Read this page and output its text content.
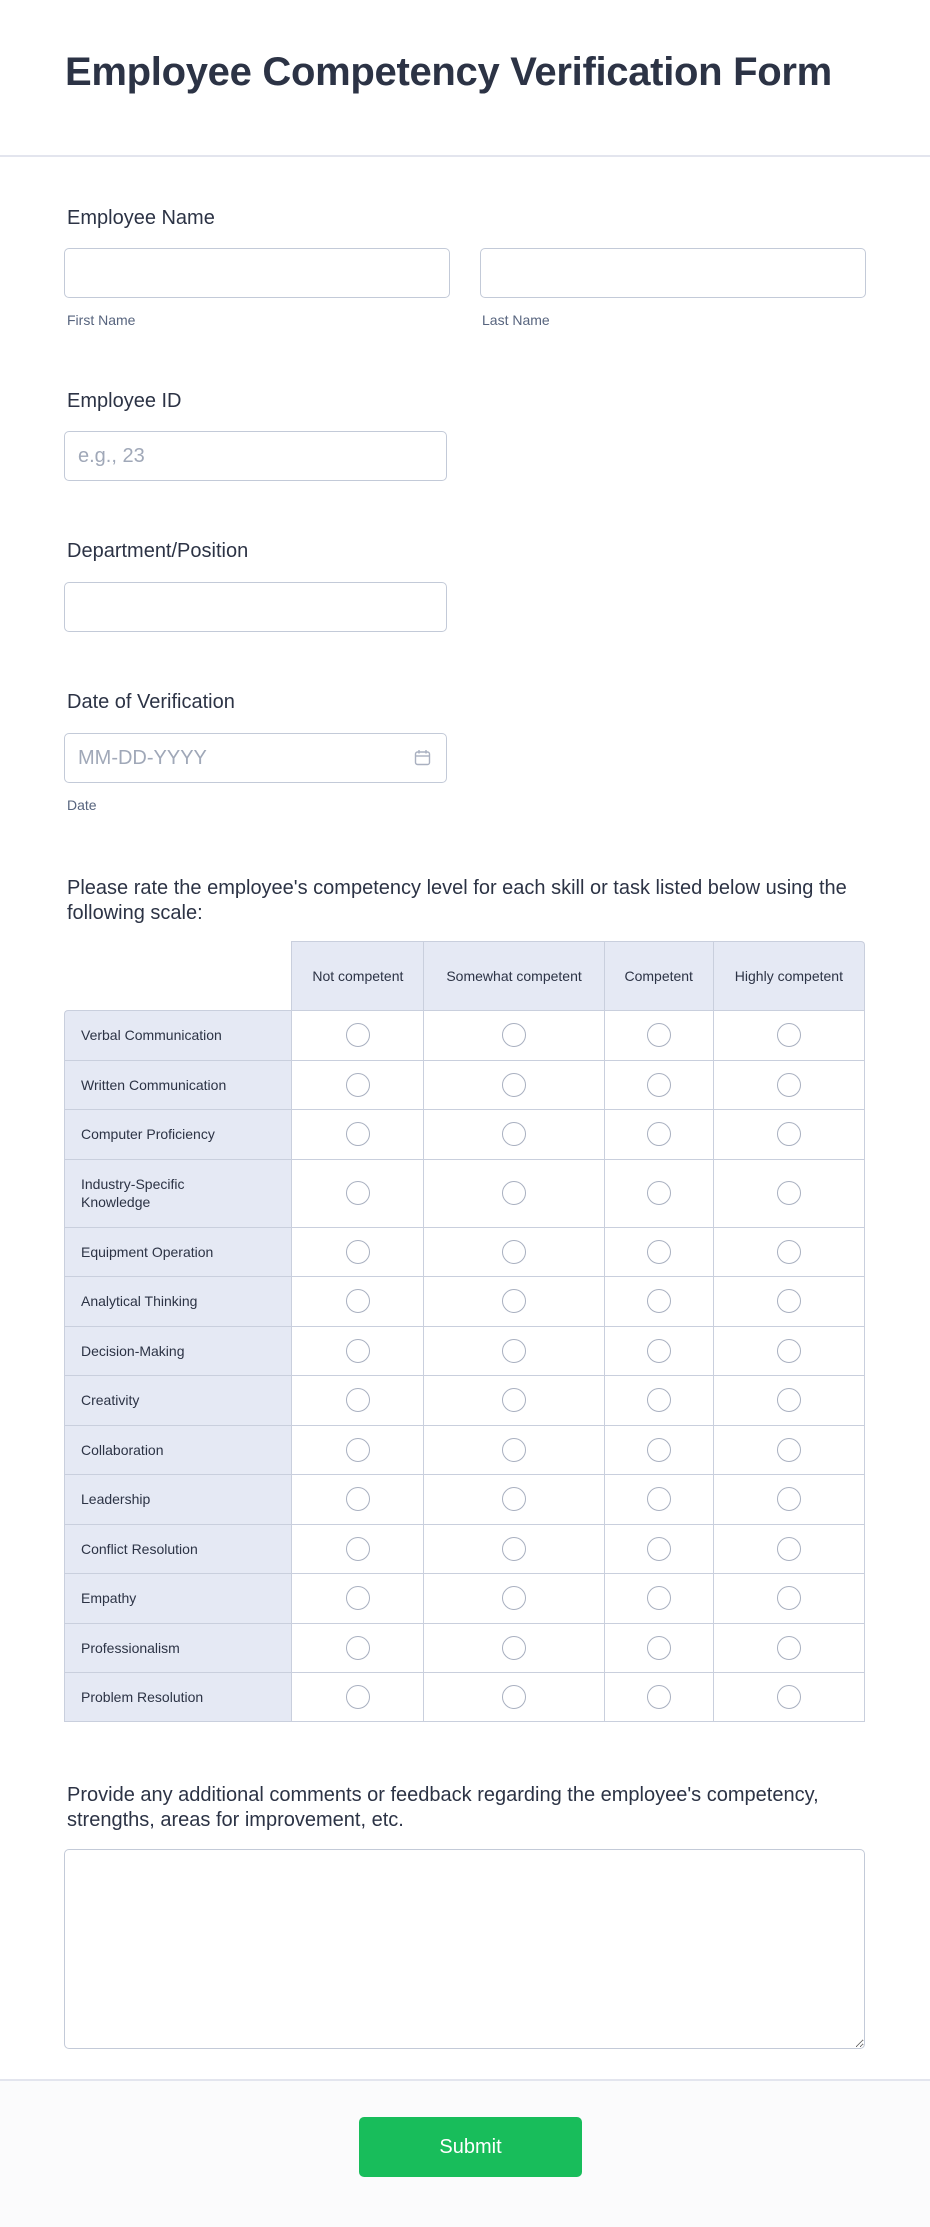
Employee Competency Verification Form
Employee Name
First Name	Last Name
Employee ID
e.g., 23
Department/Position
Date of Verification
MM-DD-YYYY
Date
Please rate the employee's competency level for each skill or task listed below using the following scale:
	Not competent	Somewhat competent	Competent	Highly competent
Verbal Communication				
Written Communication				
Computer Proficiency				
Industry-Specific Knowledge				
Equipment Operation				
Analytical Thinking				
Decision-Making				
Creativity				
Collaboration				
Leadership				
Conflict Resolution				
Empathy				
Professionalism				
Problem Resolution				
Provide any additional comments or feedback regarding the employee's competency, strengths, areas for improvement, etc.
Submit
